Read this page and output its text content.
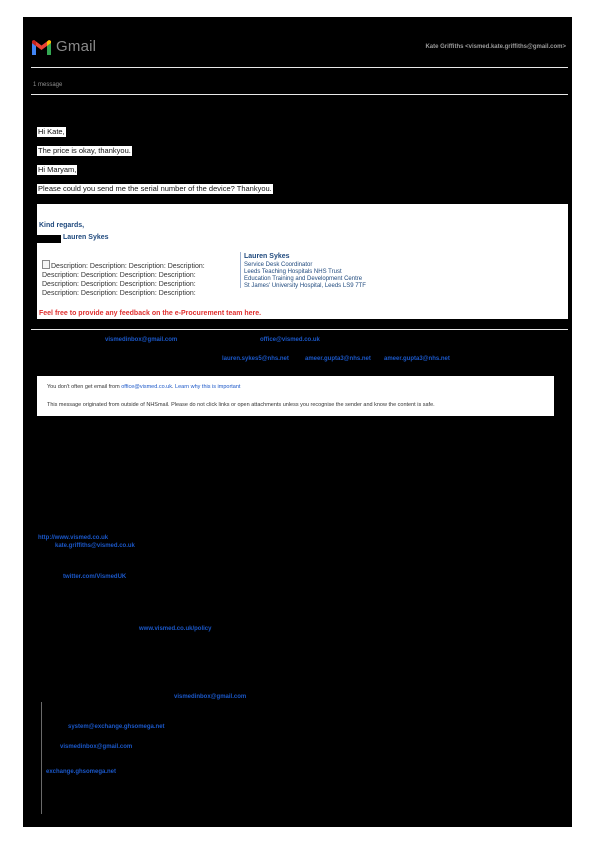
Gmail	Kate Griffiths <vismed.kate.griffiths@gmail.com>
1 message
Hi Kate,
The price is okay, thankyou.
Hi Maryam,
Please could you send me the serial number of the device? Thankyou.
Kind regards,
Lauren Sykes
Description: Description: Description: Description: Description: Description: Description: Description: Description: Description: Description: Description: Description: Description: Description: Description:
Lauren Sykes
Service Desk Coordinator
Leeds Teaching Hospitals NHS Trust
Education Training and Development Centre
St James' University Hospital, Leeds LS9 7TF
Feel free to provide any feedback on the e-Procurement team here.
vismedinbox@gmail.com	office@vismed.co.uk
lauren.sykes5@nhs.net	ameer.gupta3@nhs.net ameer.gupta3@nhs.net
You don't often get email from office@vismed.co.uk. Learn why this is important
This message originated from outside of NHSmail. Please do not click links or open attachments unless you recognise the sender and know the content is safe.
http://www.vismed.co.uk
kate.griffiths@vismed.co.uk
twitter.com/VismedUK
www.vismed.co.uk/policy
vismedinbox@gmail.com
system@exchange.ghsomega.net
vismedinbox@gmail.com
exchange.ghsomega.net
